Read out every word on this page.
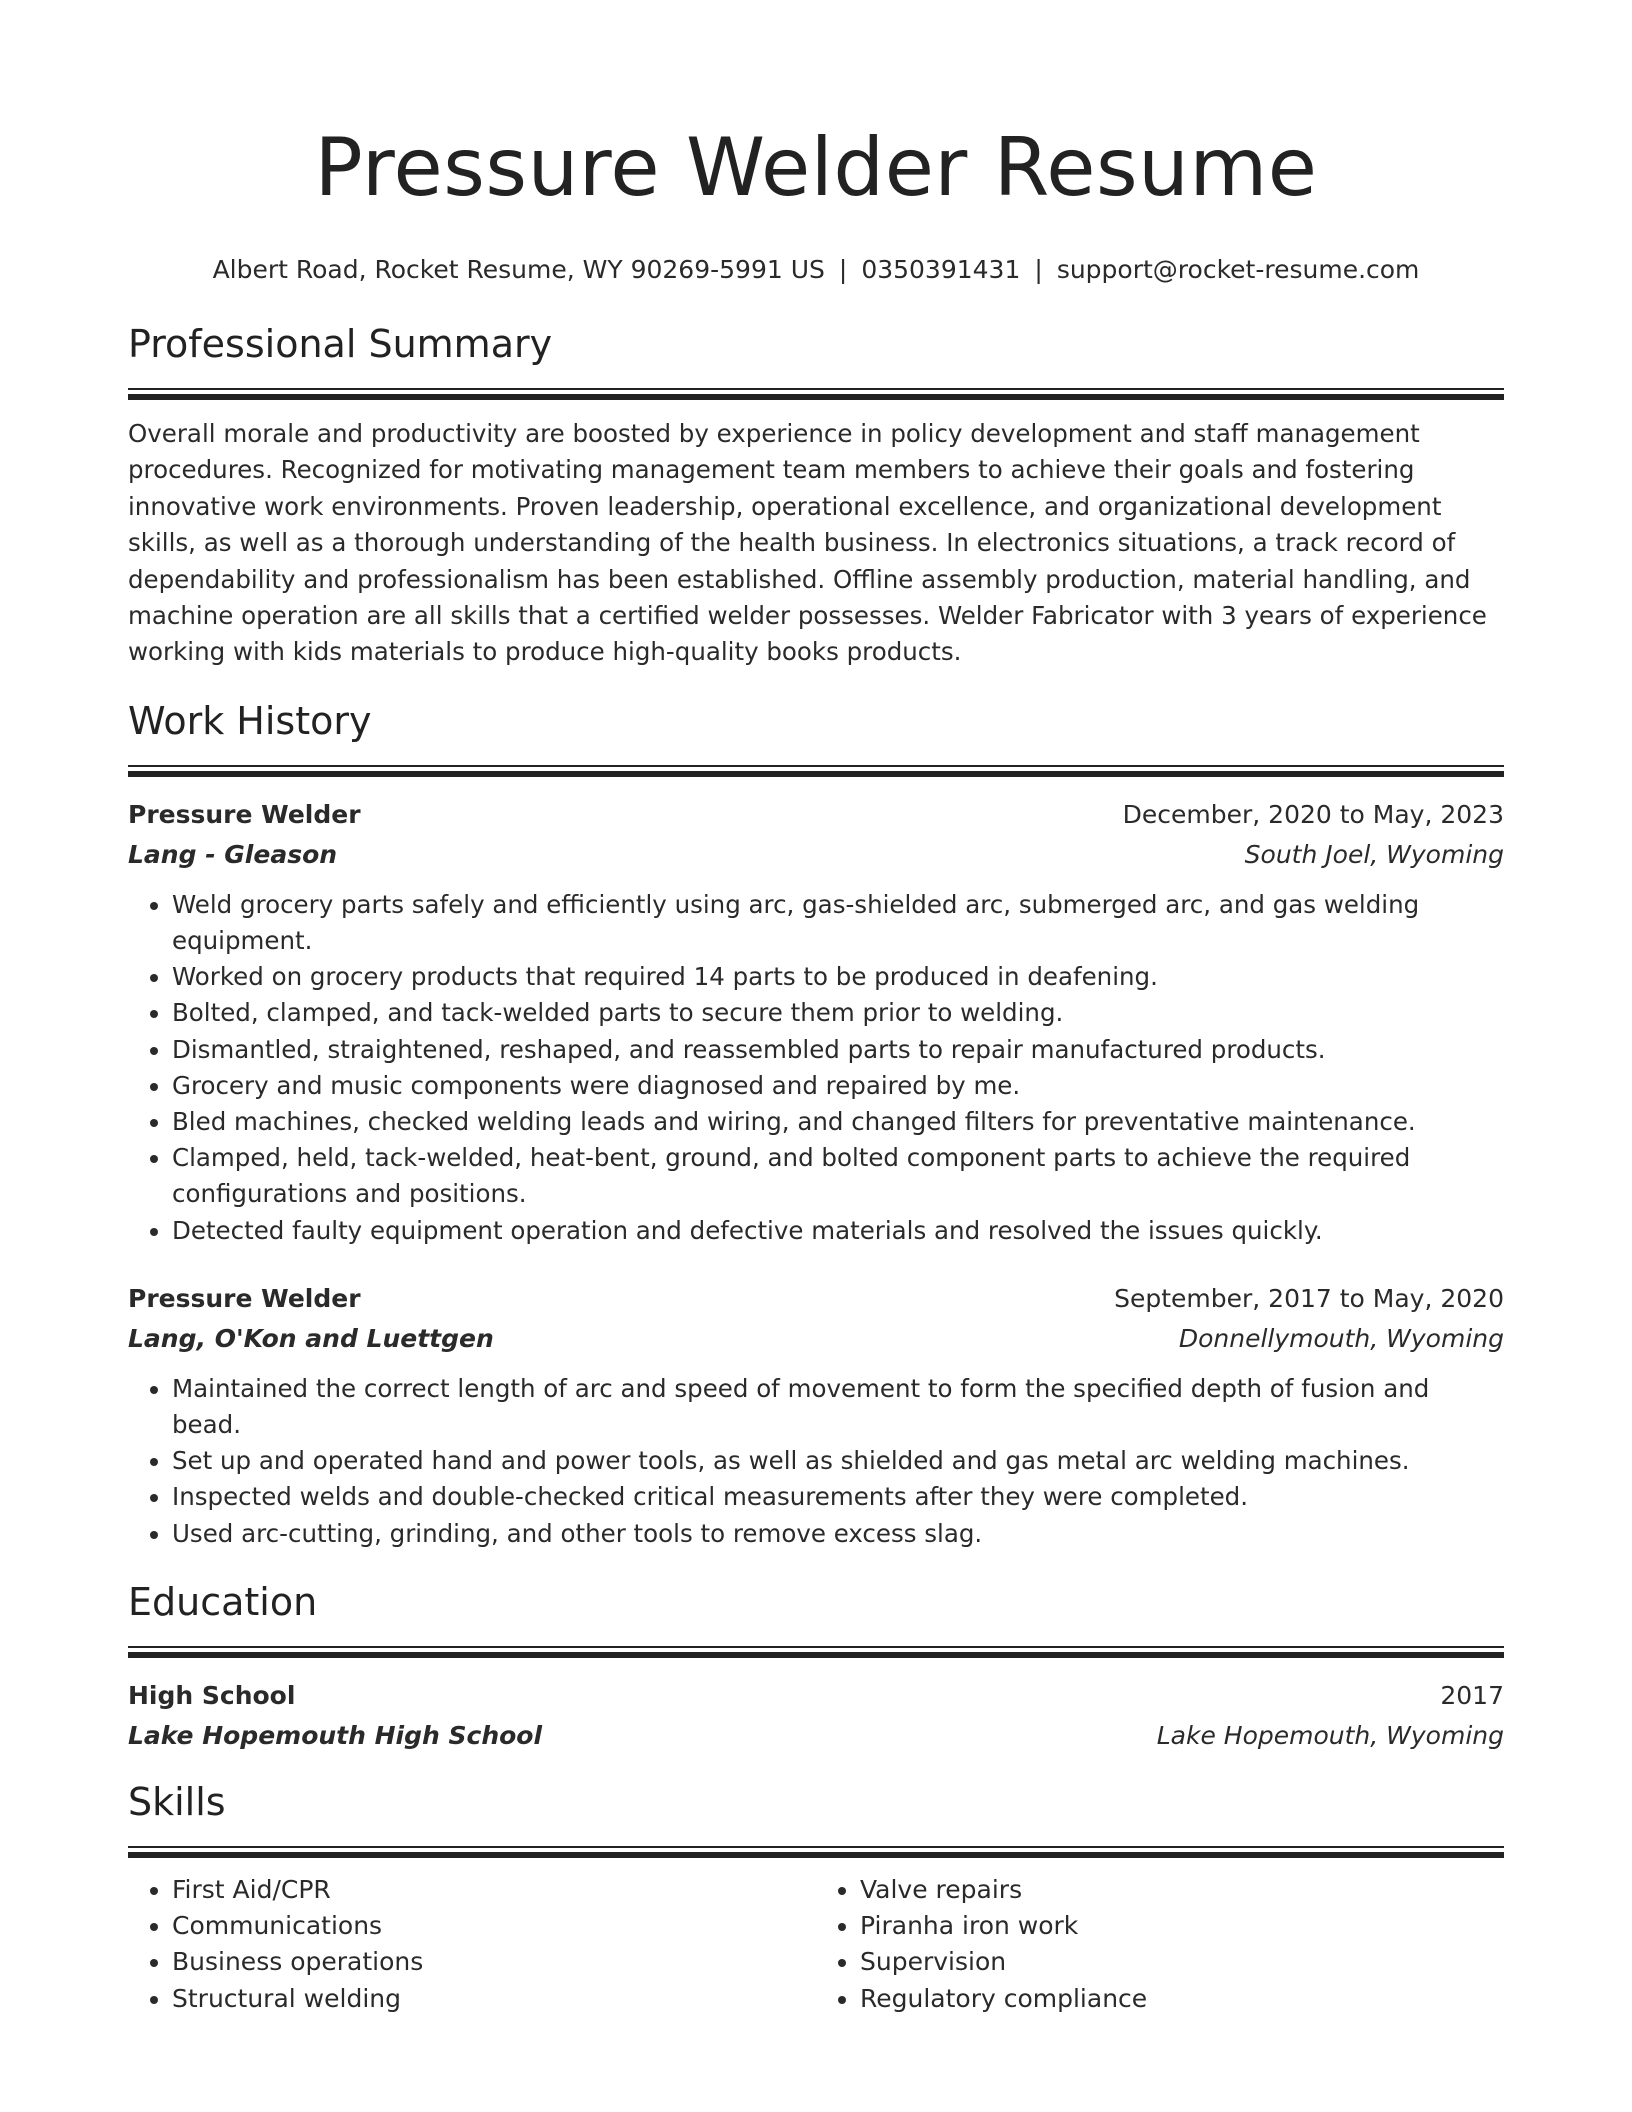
Pressure Welder Resume
Albert Road, Rocket Resume, WY 90269-5991 US | 0350391431 | support@rocket-resume.com
Professional Summary
Overall morale and productivity are boosted by experience in policy development and staff management procedures. Recognized for motivating management team members to achieve their goals and fostering innovative work environments. Proven leadership, operational excellence, and organizational development skills, as well as a thorough understanding of the health business. In electronics situations, a track record of dependability and professionalism has been established. Offline assembly production, material handling, and machine operation are all skills that a certified welder possesses. Welder Fabricator with 3 years of experience working with kids materials to produce high-quality books products.
Work History
Pressure Welder	December, 2020 to May, 2023
Lang - Gleason	South Joel, Wyoming
• Weld grocery parts safely and efficiently using arc, gas-shielded arc, submerged arc, and gas welding equipment.
• Worked on grocery products that required 14 parts to be produced in deafening.
• Bolted, clamped, and tack-welded parts to secure them prior to welding.
• Dismantled, straightened, reshaped, and reassembled parts to repair manufactured products.
• Grocery and music components were diagnosed and repaired by me.
• Bled machines, checked welding leads and wiring, and changed filters for preventative maintenance.
• Clamped, held, tack-welded, heat-bent, ground, and bolted component parts to achieve the required configurations and positions.
• Detected faulty equipment operation and defective materials and resolved the issues quickly.
Pressure Welder	September, 2017 to May, 2020
Lang, O'Kon and Luettgen	Donnellymouth, Wyoming
• Maintained the correct length of arc and speed of movement to form the specified depth of fusion and bead.
• Set up and operated hand and power tools, as well as shielded and gas metal arc welding machines.
• Inspected welds and double-checked critical measurements after they were completed.
• Used arc-cutting, grinding, and other tools to remove excess slag.
Education
High School	2017
Lake Hopemouth High School	Lake Hopemouth, Wyoming
Skills
• First Aid/CPR
• Communications
• Business operations
• Structural welding
• Valve repairs
• Piranha iron work
• Supervision
• Regulatory compliance
